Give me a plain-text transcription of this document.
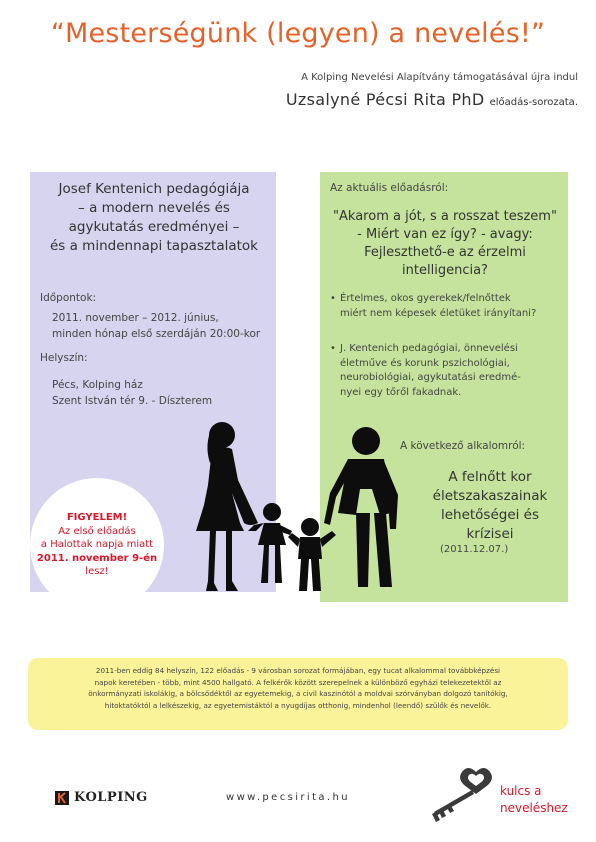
“Mesterségünk (legyen) a nevelés!”
A Kolping Nevelési Alapítvány támogatásával újra indul
Uzsalyné Pécsi Rita PhD előadás-sorozata.
Josef Kentenich pedagógiája
– a modern nevelés és
agykutatás eredményei –
és a mindennapi tapasztalatok
Időpontok:
2011. november – 2012. június,
minden hónap első szerdáján 20:00-kor
Helyszín:
Pécs, Kolping ház
Szent István tér 9. - Díszterem
FIGYELEM!
Az első előadás
a Halottak napja miatt
2011. november 9-én
lesz!
Az aktuális előadásról:
"Akarom a jót, s a rosszat teszem"
- Miért van ez így? - avagy:
Fejleszthető-e az érzelmi
intelligencia?
• Értelmes, okos gyerekek/felnőttek
miért nem képesek életüket irányítani?
• J. Kentenich pedagógiai, önnevelési
életműve és korunk pszichológiai,
neurobiológiai, agykutatási eredmé-
nyei egy tőről fakadnak.
A következő alkalomról:
A felnőtt kor
életszakaszainak
lehetőségei és krízisei
(2011.12.07.)
2011-ben eddig 84 helyszín, 122 előadás - 9 városban sorozat formájában, egy tucat alkalommal továbbképzési
napok keretében - több, mint 4500 hallgató. A felkérők között szerepelnek a különböző egyházi telekezetektől az
önkormányzati iskolákig, a bölcsődéktől az egyetemekig, a civil kaszinótól a moldvai szórványban dolgozó tanítókig,
hitoktatóktól a lelkészekig, az egyetemistáktól a nyugdíjas otthonig, mindenhol (leendő) szülők és nevelők.
KOLPING	www.pecsirita.hu	kulcs a
neveléshez
